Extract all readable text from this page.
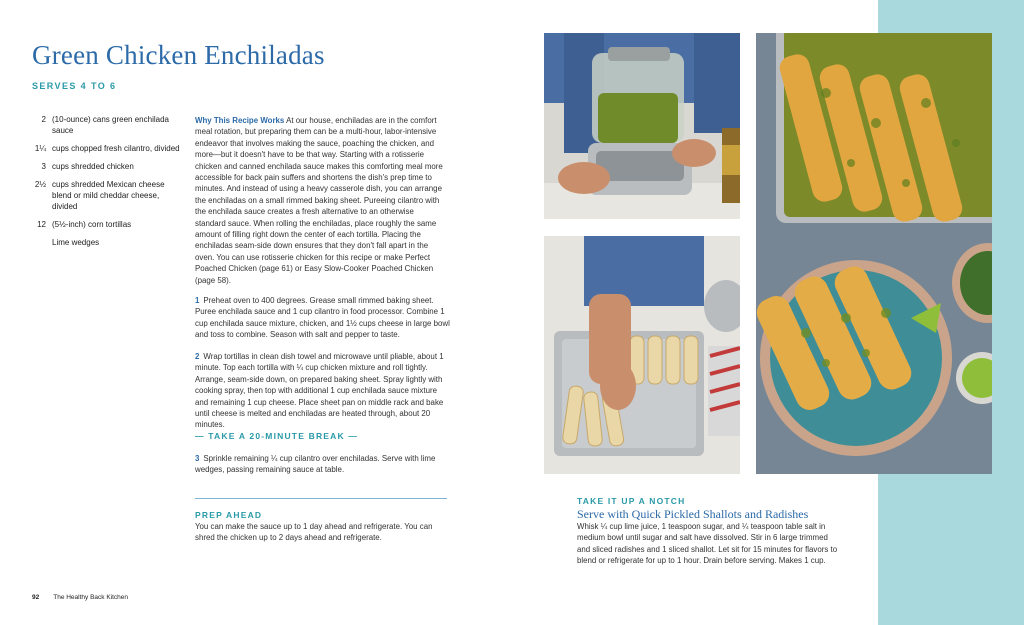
Green Chicken Enchiladas
SERVES 4 TO 6
2 (10-ounce) cans green enchilada sauce
1¼ cups chopped fresh cilantro, divided
3 cups shredded chicken
2½ cups shredded Mexican cheese blend or mild cheddar cheese, divided
12 (5½-inch) corn tortillas
Lime wedges
Why This Recipe Works At our house, enchiladas are in the comfort meal rotation, but preparing them can be a multi-hour, labor-intensive endeavor that involves making the sauce, poaching the chicken, and more—but it doesn't have to be that way. Starting with a rotisserie chicken and canned enchilada sauce makes this comforting meal more accessible for back pain suffers and shortens the dish's prep time to minutes. And instead of using a heavy casserole dish, you can arrange the enchiladas on a small rimmed baking sheet. Pureeing cilantro with the enchilada sauce creates a fresh alternative to an otherwise standard sauce. When rolling the enchiladas, place roughly the same amount of filling right down the center of each tortilla. Placing the enchiladas seam-side down ensures that they don't fall apart in the oven. You can use rotisserie chicken for this recipe or make Perfect Poached Chicken (page 61) or Easy Slow-Cooker Poached Chicken (page 58).
1 Preheat oven to 400 degrees. Grease small rimmed baking sheet. Puree enchilada sauce and 1 cup cilantro in food processor. Combine 1 cup enchilada sauce mixture, chicken, and 1½ cups cheese in large bowl and toss to combine. Season with salt and pepper to taste.
2 Wrap tortillas in clean dish towel and microwave until pliable, about 1 minute. Top each tortilla with ¼ cup chicken mixture and roll tightly. Arrange, seam-side down, on prepared baking sheet. Spray lightly with cooking spray, then top with additional 1 cup enchilada sauce mixture and remaining 1 cup cheese. Place sheet pan on middle rack and bake until cheese is melted and enchiladas are heated through, about 20 minutes.
— TAKE A 20-MINUTE BREAK —
3 Sprinkle remaining ¼ cup cilantro over enchiladas. Serve with lime wedges, passing remaining sauce at table.
PREP AHEAD
You can make the sauce up to 1 day ahead and refrigerate. You can shred the chicken up to 2 days ahead and refrigerate.
92 The Healthy Back Kitchen
TAKE IT UP A NOTCH
Serve with Quick Pickled Shallots and Radishes
Whisk ¼ cup lime juice, 1 teaspoon sugar, and ¼ teaspoon table salt in medium bowl until sugar and salt have dissolved. Stir in 6 large trimmed and sliced radishes and 1 sliced shallot. Let sit for 15 minutes for flavors to blend or refrigerate for up to 1 hour. Drain before serving. Makes 1 cup.
